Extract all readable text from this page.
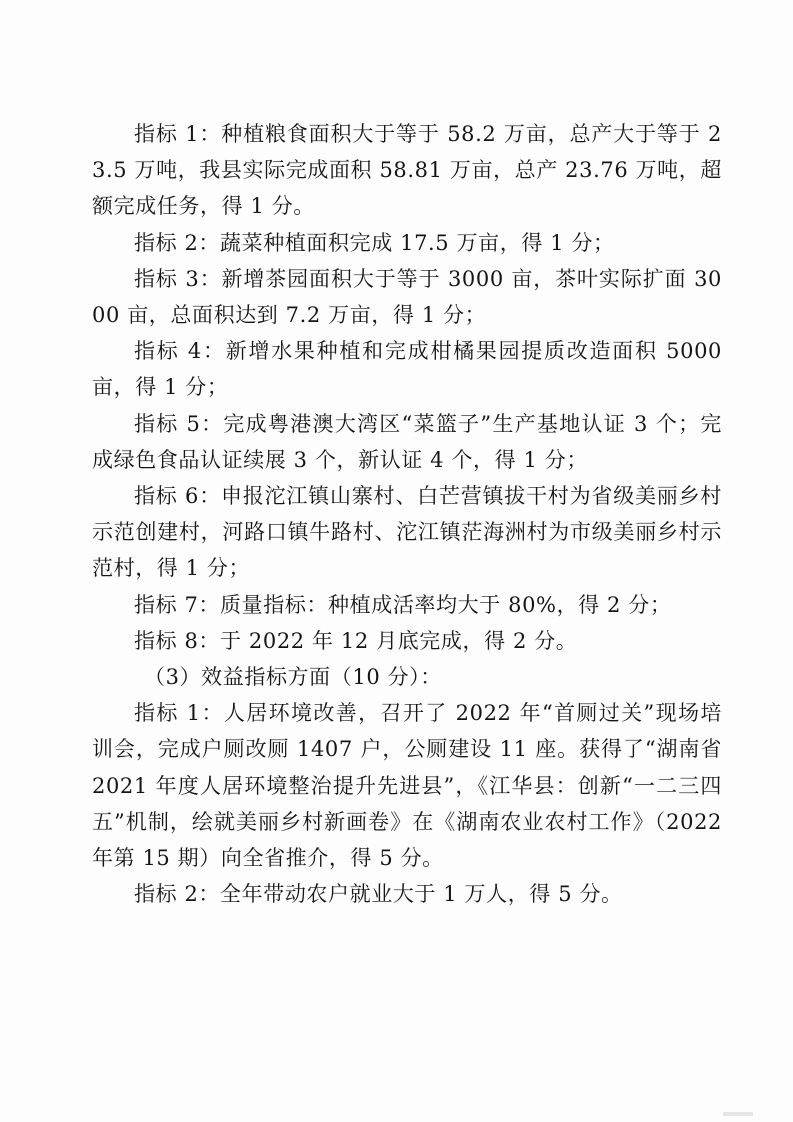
指标 1：种植粮食面积大于等于 58.2 万亩，总产大于等于 23.5 万吨，我县实际完成面积 58.81 万亩，总产 23.76 万吨，超额完成任务，得 1 分。

指标 2：蔬菜种植面积完成 17.5 万亩，得 1 分；

指标 3：新增茶园面积大于等于 3000 亩，茶叶实际扩面 3000 亩，总面积达到 7.2 万亩，得 1 分；

指标 4：新增水果种植和完成柑橘果园提质改造面积 5000 亩，得 1 分；

指标 5：完成粤港澳大湾区“菜篮子”生产基地认证 3 个；完成绿色食品认证续展 3 个，新认证 4 个，得 1 分；

指标 6：申报沱江镇山寨村、白芒营镇拔干村为省级美丽乡村示范创建村，河路口镇牛路村、沱江镇茫海洲村为市级美丽乡村示范村，得 1 分；

指标 7：质量指标：种植成活率均大于 80%，得 2 分；

指标 8：于 2022 年 12 月底完成，得 2 分。

（3）效益指标方面（10 分）：

指标 1：人居环境改善，召开了 2022 年“首厕过关”现场培训会，完成户厕改厕 1407 户，公厕建设 11 座。获得了“湖南省 2021 年度人居环境整治提升先进县”，《江华县：创新“一二三四五”机制，绘就美丽乡村新画卷》在《湖南农业农村工作》（2022 年第 15 期）向全省推介，得 5 分。

指标 2：全年带动农户就业大于 1 万人，得 5 分。
